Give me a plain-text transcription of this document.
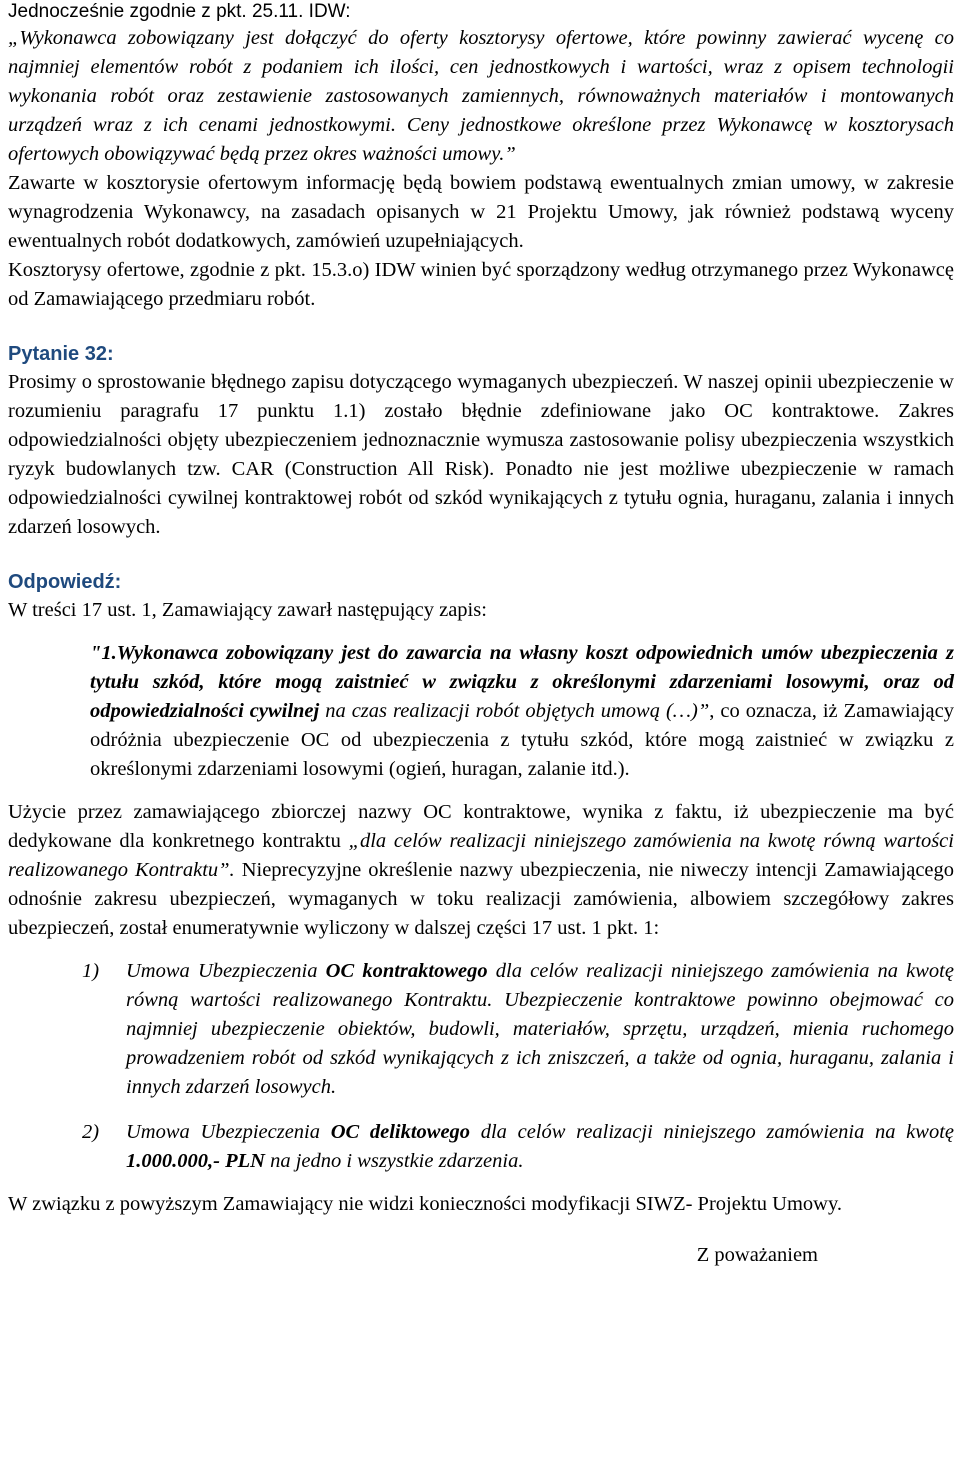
Jednocześnie zgodnie z pkt. 25.11. IDW:

„Wykonawca zobowiązany jest dołączyć do oferty kosztorysy ofertowe, które powinny zawierać wycenę co najmniej elementów robót z podaniem ich ilości, cen jednostkowych i wartości, wraz z opisem technologii wykonania robót oraz zestawienie zastosowanych zamiennych, równoważnych materiałów i montowanych urządzeń wraz z ich cenami jednostkowymi. Ceny jednostkowe określone przez Wykonawcę w kosztorysach ofertowych obowiązywać będą przez okres ważności umowy.”

Zawarte w kosztorysie ofertowym informację będą bowiem podstawą ewentualnych zmian umowy, w zakresie wynagrodzenia Wykonawcy, na zasadach opisanych w 21 Projektu Umowy, jak również podstawą wyceny ewentualnych robót dodatkowych, zamówień uzupełniających.

Kosztorysy ofertowe, zgodnie z pkt. 15.3.o) IDW winien być sporządzony według otrzymanego przez Wykonawcę od Zamawiającego przedmiaru robót.

Pytanie 32:

Prosimy o sprostowanie błędnego zapisu dotyczącego wymaganych ubezpieczeń. W naszej opinii ubezpieczenie w rozumieniu paragrafu 17 punktu 1.1) zostało błędnie zdefiniowane jako OC kontraktowe. Zakres odpowiedzialności objęty ubezpieczeniem jednoznacznie wymusza zastosowanie polisy ubezpieczenia wszystkich ryzyk budowlanych tzw. CAR (Construction All Risk). Ponadto nie jest możliwe ubezpieczenie w ramach odpowiedzialności cywilnej kontraktowej robót od szkód wynikających z tytułu ognia, huraganu, zalania i innych zdarzeń losowych.

Odpowiedź:

W treści 17 ust. 1, Zamawiający zawarł następujący zapis:

"1.Wykonawca zobowiązany jest do zawarcia na własny koszt odpowiednich umów ubezpieczenia z tytułu szkód, które mogą zaistnieć w związku z określonymi zdarzeniami losowymi, oraz od odpowiedzialności cywilnej na czas realizacji robót objętych umową (…)”, co oznacza, iż Zamawiający odróżnia ubezpieczenie OC od ubezpieczenia z tytułu szkód, które mogą zaistnieć w związku z określonymi zdarzeniami losowymi (ogień, huragan, zalanie itd.).

Użycie przez zamawiającego zbiorczej nazwy OC kontraktowe, wynika z faktu, iż ubezpieczenie ma być dedykowane dla konkretnego kontraktu „dla celów realizacji niniejszego zamówienia na kwotę równą wartości realizowanego Kontraktu”. Nieprecyzyjne określenie nazwy ubezpieczenia, nie niweczy intencji Zamawiającego odnośnie zakresu ubezpieczeń, wymaganych w toku realizacji zamówienia, albowiem szczegółowy zakres ubezpieczeń, został enumeratywnie wyliczony w dalszej części 17 ust. 1 pkt. 1:

1) Umowa Ubezpieczenia OC kontraktowego dla celów realizacji niniejszego zamówienia na kwotę równą wartości realizowanego Kontraktu. Ubezpieczenie kontraktowe powinno obejmować co najmniej ubezpieczenie obiektów, budowli, materiałów, sprzętu, urządzeń, mienia ruchomego prowadzeniem robót od szkód wynikających z ich zniszczeń, a także od ognia, huraganu, zalania i innych zdarzeń losowych.
2) Umowa Ubezpieczenia OC deliktowego dla celów realizacji niniejszego zamówienia na kwotę 1.000.000,- PLN na jedno i wszystkie zdarzenia.

W związku z powyższym Zamawiający nie widzi konieczności modyfikacji SIWZ- Projektu Umowy.

Z poważaniem
